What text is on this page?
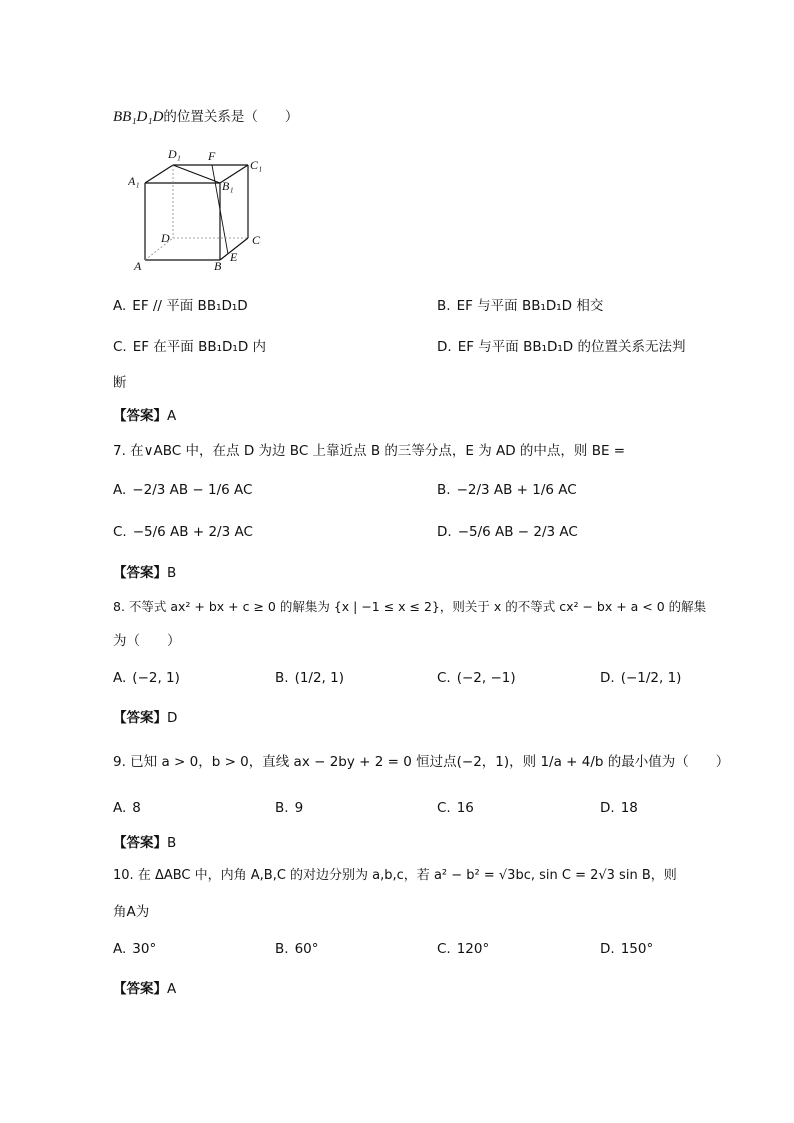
BB₁D₁D的位置关系是（　　）
D₁ F
C₁
A₁	B₁
D	C
A	B
E
A. EF // 平面 BB₁D₁D	B. EF 与平面 BB₁D₁D 相交
C. EF 在平面 BB₁D₁D 内	D. EF 与平面 BB₁D₁D 的位置关系无法判
断
【答案】A
7. 在∨ABC 中，在点 D 为边 BC 上靠近点 B 的三等分点，E 为 AD 的中点，则 BE =
A. −2/3 AB − 1/6 AC	B. −2/3 AB + 1/6 AC
C. −5/6 AB + 2/3 AC	D. −5/6 AB − 2/3 AC
【答案】B
8. 不等式 ax² + bx + c ≥ 0 的解集为 {x | −1 ≤ x ≤ 2}，则关于 x 的不等式 cx² − bx + a < 0 的解集
为（　　）
A. (−2, 1)	B. (1/2, 1)	C. (−2, −1)	D. (−1/2, 1)
【答案】D
9. 已知 a > 0，b > 0，直线 ax − 2by + 2 = 0 恒过点(−2，1)，则 1/a + 4/b 的最小值为（　　）
A. 8	B. 9	C. 16	D. 18
【答案】B
10. 在 ΔABC 中，内角 A,B,C 的对边分别为 a,b,c，若 a² − b² = √3bc, sin C = 2√3 sin B，则
角A为
A. 30°	B. 60°	C. 120°	D. 150°
【答案】A
